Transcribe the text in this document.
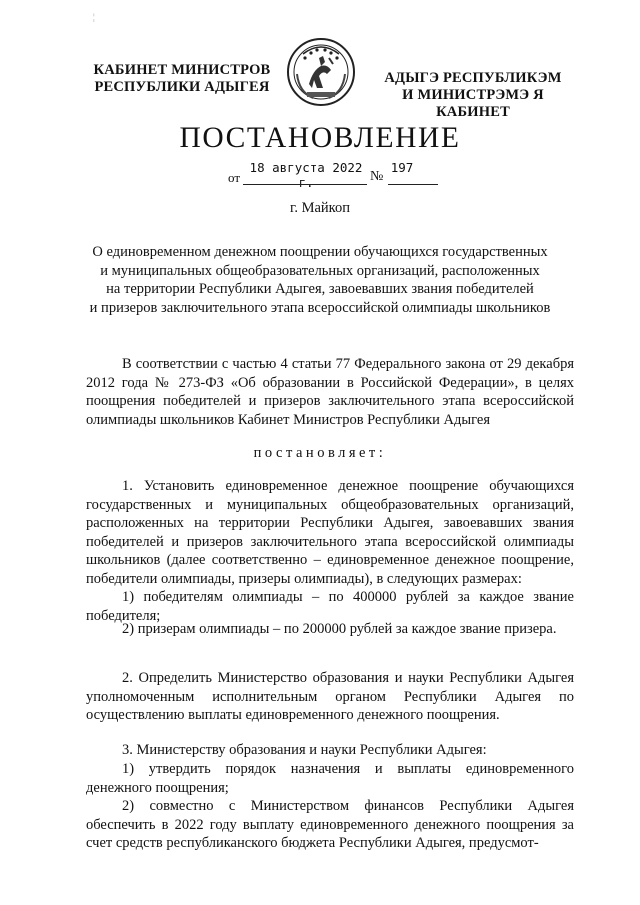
¦
КАБИНЕТ МИНИСТРОВ
РЕСПУБЛИКИ АДЫГЕЯ
АДЫГЭ РЕСПУБЛИКЭМ
И МИНИСТРЭМЭ Я КАБИНЕТ
ПОСТАНОВЛЕНИЕ
от
18 августа 2022 г.	№
197
г. Майкоп
О единовременном денежном поощрении обучающихся государственных
и муниципальных общеобразовательных организаций, расположенных
на территории Республики Адыгея, завоевавших звания победителей
и призеров заключительного этапа всероссийской олимпиады школьников
В соответствии с частью 4 статьи 77 Федерального закона от 29 декабря 2012 года № 273-ФЗ «Об образовании в Российской Федерации», в целях поощрения победителей и призеров заключительного этапа всероссийской олимпиады школьников Кабинет Министров Республики Адыгея
постановляет:
1. Установить единовременное денежное поощрение обучающихся государственных и муниципальных общеобразовательных организаций, расположенных на территории Республики Адыгея, завоевавших звания победителей и призеров заключительного этапа всероссийской олимпиады школьников (далее соответственно – единовременное денежное поощрение, победители олимпиады, призеры олимпиады), в следующих размерах:
1) победителям олимпиады – по 400000 рублей за каждое звание победителя;
2) призерам олимпиады – по 200000 рублей за каждое звание призера.
2. Определить Министерство образования и науки Республики Адыгея уполномоченным исполнительным органом Республики Адыгея по осуществлению выплаты единовременного денежного поощрения.
3. Министерству образования и науки Республики Адыгея:
1) утвердить порядок назначения и выплаты единовременного денежного поощрения;
2) совместно с Министерством финансов Республики Адыгея обеспечить в 2022 году выплату единовременного денежного поощрения за счет средств республиканского бюджета Республики Адыгея, предусмот-
